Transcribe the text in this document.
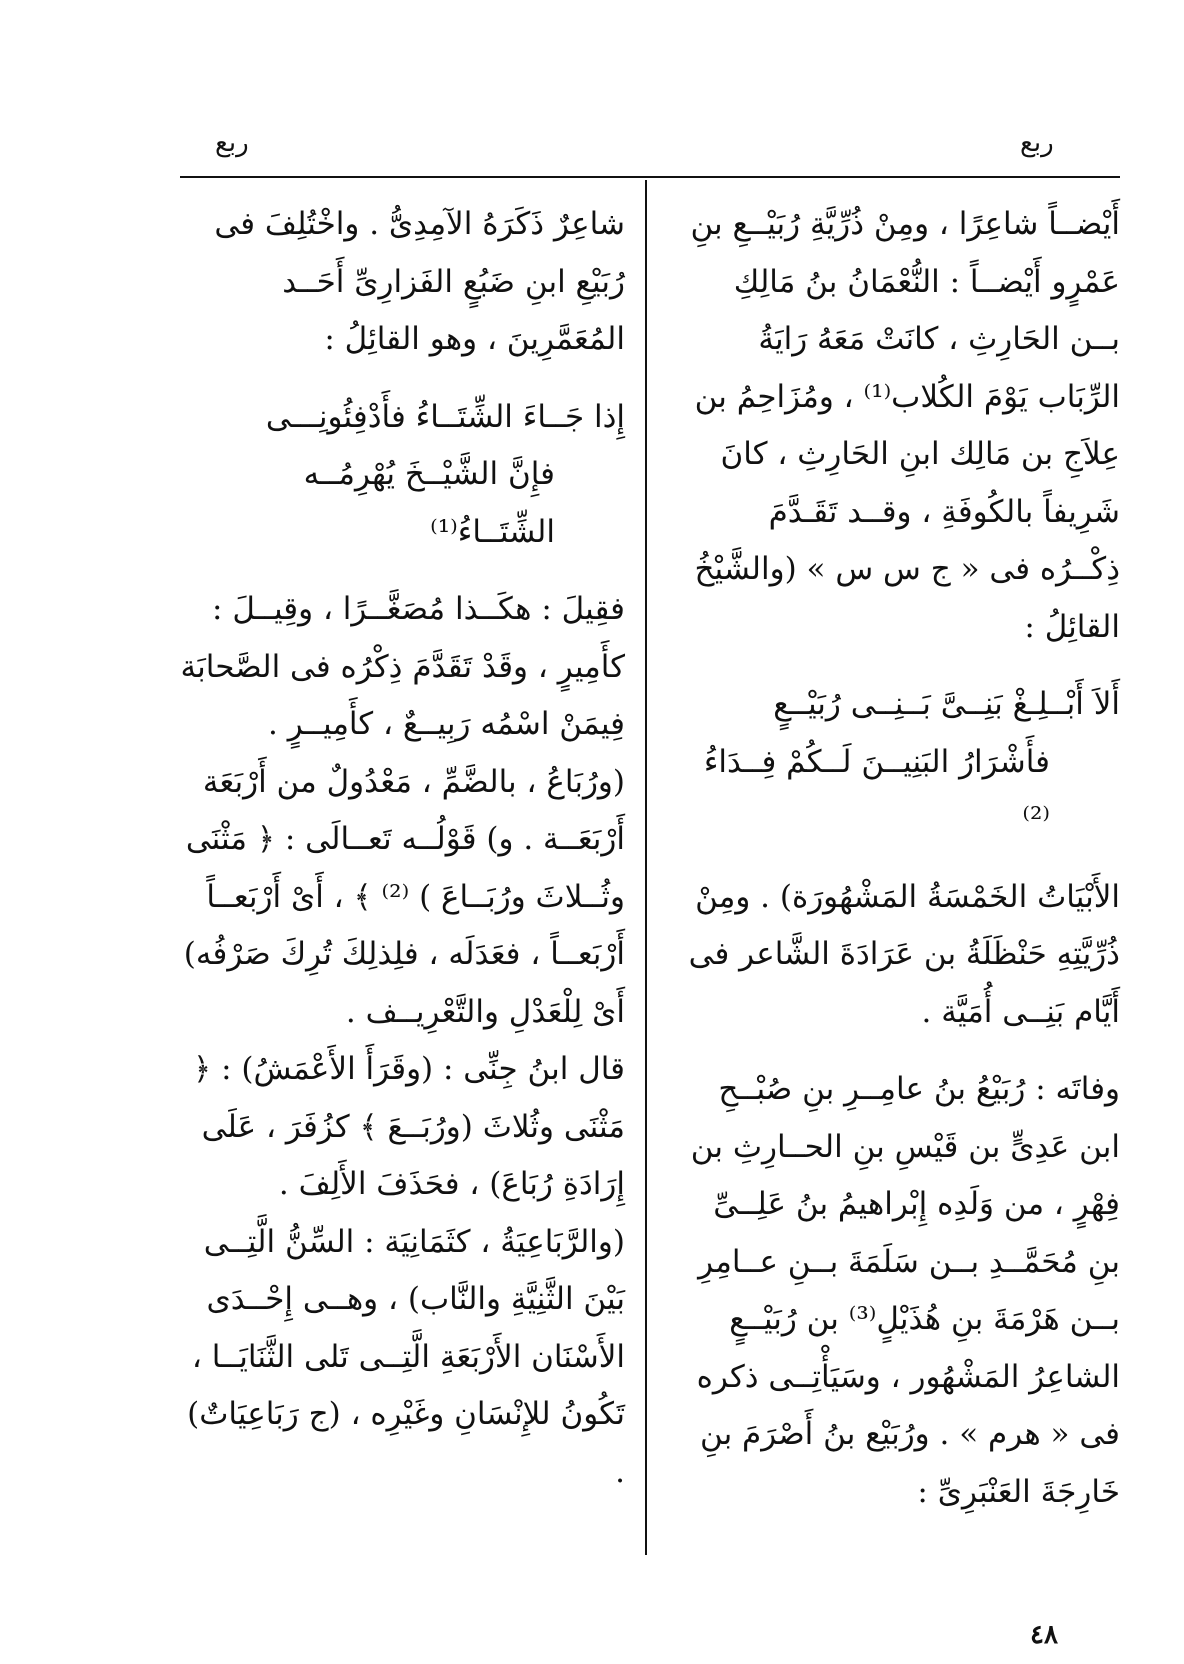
ربع
ربع

أَيْضــاً شاعِرًا ، ومِنْ ذُرِّيَّةِ رُبَيْــعِ بنِ عَمْرٍو أَيْضــاً : النُّعْمَانُ بنُ مَالِكِ بــن الحَارِثِ ، كانَتْ مَعَهُ رَايَةُ الرِّبَاب يَوْمَ الكُلاب⁽¹⁾ ، ومُزَاحِمُ بن عِلاَجِ بن مَالِك ابنِ الحَارِثِ ، كانَ شَرِيفاً بالكُوفَةِ ، وقــد تَقَـدَّمَ ذِكْــرُه فى « ج س س » (والشَّيْخُ القائِلُ :

أَلاَ أَبْــلِـغْ بَنِــىَّ بَــنِــى رُبَيْــعٍ
فأَشْرَارُ البَنِيــنَ لَــكُمْ فِــدَاءُ ⁽²⁾

الأَبْيَاتُ الخَمْسَةُ المَشْهُورَة) . ومِنْ ذُرِّيَّتِهِ حَنْظَلَةُ بن عَرَادَةَ الشَّاعر فى أَيَّام بَنِــى أُمَيَّة .

وفاتَه : رُبَيْعُ بنُ عامِــرِ بنِ صُبْــحِ ابن عَدِىٍّ بن قَيْسِ بنِ الحــارِثِ بن فِهْرٍ ، من وَلَدِه إِبْراهيمُ بنُ عَلِــىِّ بنِ مُحَمَّــدِ بــن سَلَمَةَ بــنِ عــامِرِ بــن هَرْمَةَ بنِ هُذَيْلٍ⁽³⁾ بن رُبَيْــعٍ الشاعِرُ المَشْهُور ، وسَيَأْتِــى ذكره فى « هرم » . ورُبَيْع بنُ أَصْرَمَ بنِ خَارِجَةَ العَنْبَرِىِّ :

شاعِرٌ ذَكَرَهُ الآمِدِىُّ . واخْتُلِفَ فى رُبَيْعِ ابنِ ضَبُعٍ الفَزارِىِّ أَحَــد المُعَمَّرِينَ ، وهو القائِلُ :

إِذا جَــاءَ الشِّتَــاءُ فأَدْفِئُونِـــى
فإِنَّ الشَّيْــخَ يُهْرِمُــه الشِّتَــاءُ⁽¹⁾

فقِيلَ : هكَــذا مُصَغَّــرًا ، وقِيــلَ : كأَمِيرٍ ، وقَدْ تَقَدَّمَ ذِكْرُه فى الصَّحابَة فِيمَنْ اسْمُه رَبِيــعٌ ، كأَمِيــرٍ .

(ورُبَاعُ ، بالضَّمِّ ، مَعْدُولٌ من أَرْبَعَة أَرْبَعَــة . و) قَوْلُــه تَعــالَى : ﴿ مَثْنَى وثُــلاثَ ورُبَــاعَ ) ⁽²⁾ ﴾ ، أَىْ أَرْبَعــاً أَرْبَعــاً ، فعَدَلَه ، فلِذلِكَ تُرِكَ صَرْفُه) أَىْ لِلْعَدْلِ والتَّعْرِيــف .

قال ابنُ جِنِّى : (وقَرَأَ الأَعْمَشُ) : ﴿ مَثْنَى وثُلاثَ (ورُبَــعَ ﴾ كزُفَرَ ، عَلَى إِرَادَةِ رُبَاعَ) ، فحَذَفَ الأَلِفَ .

(والرَّبَاعِيَةُ ، كثَمَانِيَة : السِّنُّ الَّتِــى بَيْنَ الثَّنِيَّةِ والنَّاب) ، وهــى إِحْــدَى الأَسْنَان الأَرْبَعَةِ الَّتِــى تَلى الثَّنَايَــا ، تَكُونُ للإِنْسَانِ وغَيْرِه ، (ج رَبَاعِيَاتٌ) .

٤٨
